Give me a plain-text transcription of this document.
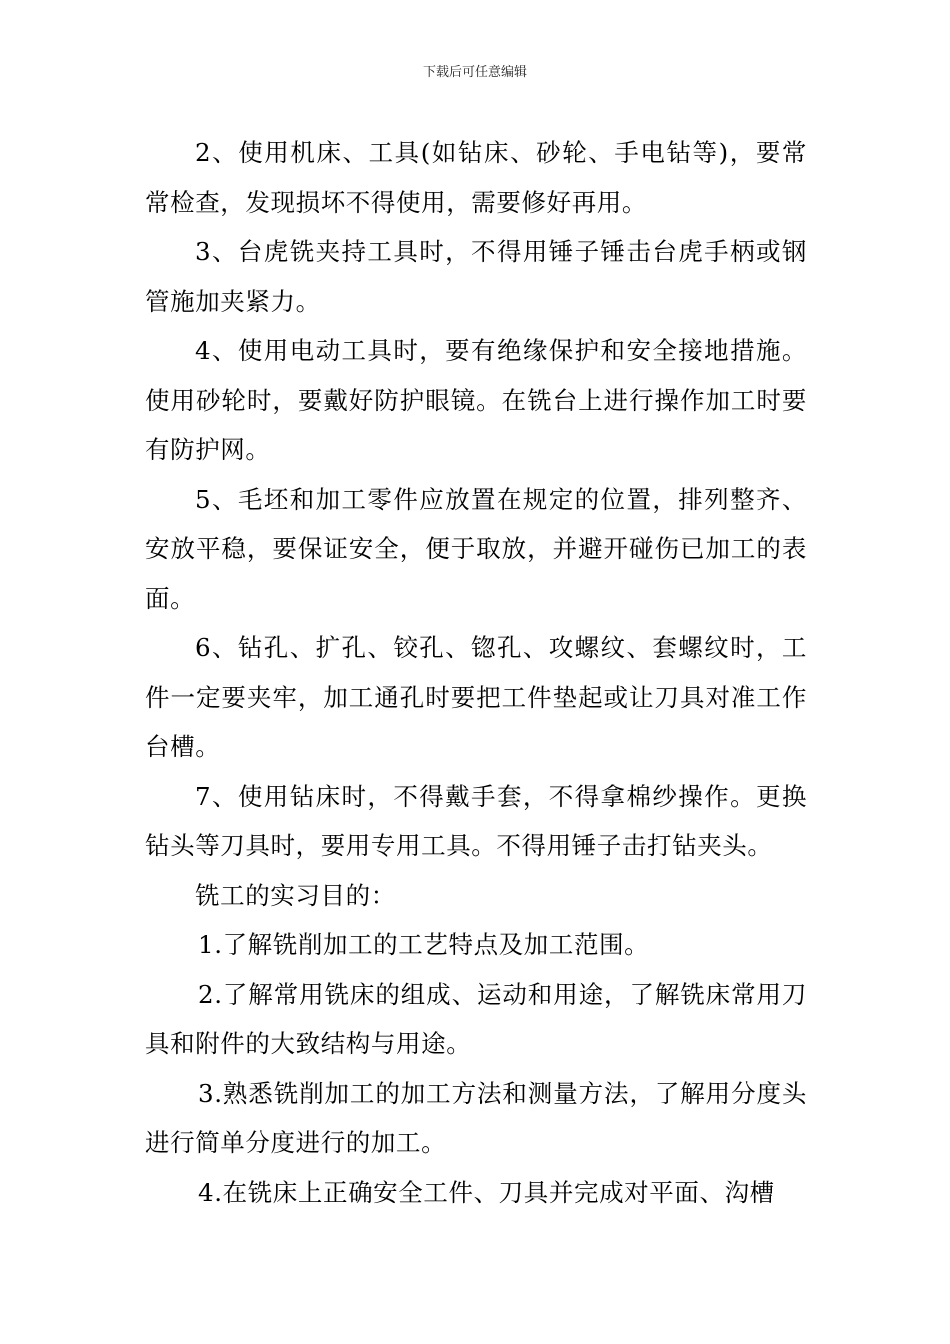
下载后可任意编辑

2、使用机床、工具(如钻床、砂轮、手电钻等)，要常常检查，发现损坏不得使用，需要修好再用。

3、台虎铣夹持工具时，不得用锤子锤击台虎手柄或钢管施加夹紧力。

4、使用电动工具时，要有绝缘保护和安全接地措施。使用砂轮时，要戴好防护眼镜。在铣台上进行操作加工时要有防护网。

5、毛坯和加工零件应放置在规定的位置，排列整齐、安放平稳，要保证安全，便于取放，并避开碰伤已加工的表面。

6、钻孔、扩孔、铰孔、锪孔、攻螺纹、套螺纹时，工件一定要夹牢，加工通孔时要把工件垫起或让刀具对准工作台槽。

7、使用钻床时，不得戴手套，不得拿棉纱操作。更换钻头等刀具时，要用专用工具。不得用锤子击打钻夹头。

铣工的实习目的：

1.了解铣削加工的工艺特点及加工范围。

2.了解常用铣床的组成、运动和用途，了解铣床常用刀具和附件的大致结构与用途。

3.熟悉铣削加工的加工方法和测量方法，了解用分度头进行简单分度进行的加工。

4.在铣床上正确安全工件、刀具并完成对平面、沟槽
